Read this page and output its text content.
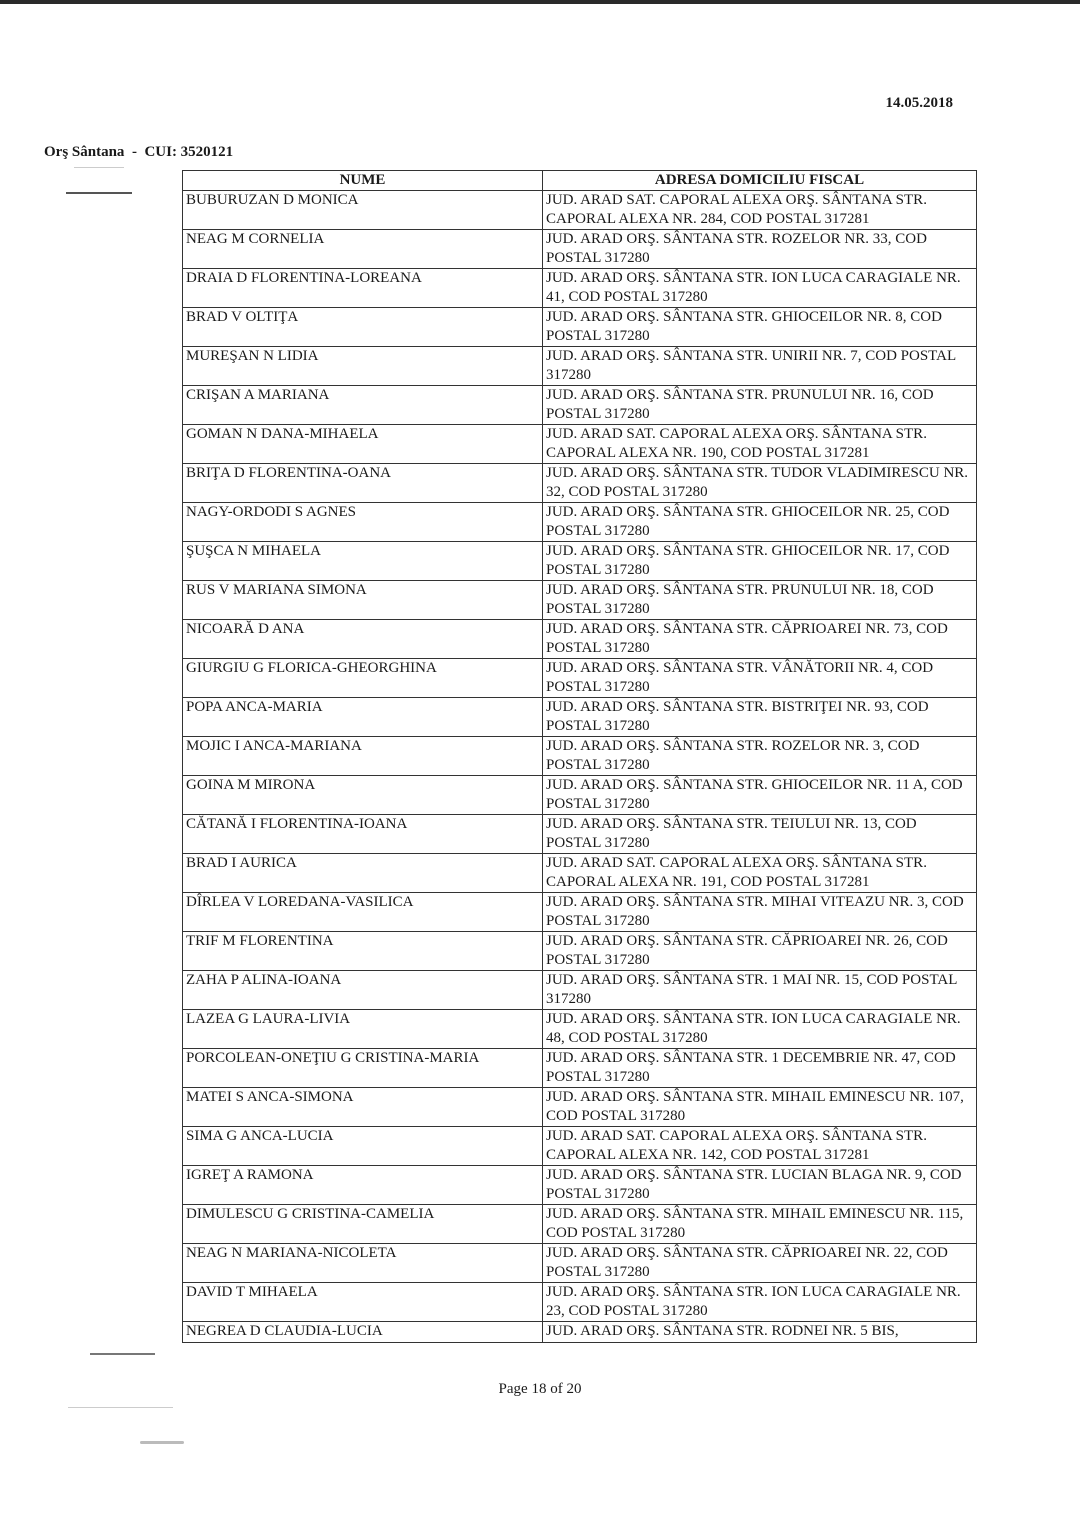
14.05.2018
Orş Sântana - CUI: 3520121
NUME	ADRESA DOMICILIU FISCAL
BUBURUZAN D MONICA	JUD. ARAD SAT. CAPORAL ALEXA ORŞ. SÂNTANA STR. CAPORAL ALEXA NR. 284, COD POSTAL 317281
NEAG M CORNELIA	JUD. ARAD ORŞ. SÂNTANA STR. ROZELOR NR. 33, COD POSTAL 317280
DRAIA D FLORENTINA-LOREANA	JUD. ARAD ORŞ. SÂNTANA STR. ION LUCA CARAGIALE NR. 41, COD POSTAL 317280
BRAD V OLTIŢA	JUD. ARAD ORŞ. SÂNTANA STR. GHIOCEILOR NR. 8, COD POSTAL 317280
MUREŞAN N LIDIA	JUD. ARAD ORŞ. SÂNTANA STR. UNIRII NR. 7, COD POSTAL 317280
CRIŞAN A MARIANA	JUD. ARAD ORŞ. SÂNTANA STR. PRUNULUI NR. 16, COD POSTAL 317280
GOMAN N DANA-MIHAELA	JUD. ARAD SAT. CAPORAL ALEXA ORŞ. SÂNTANA STR. CAPORAL ALEXA NR. 190, COD POSTAL 317281
BRIŢA D FLORENTINA-OANA	JUD. ARAD ORŞ. SÂNTANA STR. TUDOR VLADIMIRESCU NR. 32, COD POSTAL 317280
NAGY-ORDODI S AGNES	JUD. ARAD ORŞ. SÂNTANA STR. GHIOCEILOR NR. 25, COD POSTAL 317280
ŞUŞCA N MIHAELA	JUD. ARAD ORŞ. SÂNTANA STR. GHIOCEILOR NR. 17, COD POSTAL 317280
RUS V MARIANA SIMONA	JUD. ARAD ORŞ. SÂNTANA STR. PRUNULUI NR. 18, COD POSTAL 317280
NICOARĂ D ANA	JUD. ARAD ORŞ. SÂNTANA STR. CĂPRIOAREI NR. 73, COD POSTAL 317280
GIURGIU G FLORICA-GHEORGHINA	JUD. ARAD ORŞ. SÂNTANA STR. VÂNĂTORII NR. 4, COD POSTAL 317280
POPA ANCA-MARIA	JUD. ARAD ORŞ. SÂNTANA STR. BISTRIŢEI NR. 93, COD POSTAL 317280
MOJIC I ANCA-MARIANA	JUD. ARAD ORŞ. SÂNTANA STR. ROZELOR NR. 3, COD POSTAL 317280
GOINA M MIRONA	JUD. ARAD ORŞ. SÂNTANA STR. GHIOCEILOR NR. 11 A, COD POSTAL 317280
CĂTANĂ I FLORENTINA-IOANA	JUD. ARAD ORŞ. SÂNTANA STR. TEIULUI NR. 13, COD POSTAL 317280
BRAD I AURICA	JUD. ARAD SAT. CAPORAL ALEXA ORŞ. SÂNTANA STR. CAPORAL ALEXA NR. 191, COD POSTAL 317281
DÎRLEA V LOREDANA-VASILICA	JUD. ARAD ORŞ. SÂNTANA STR. MIHAI VITEAZU NR. 3, COD POSTAL 317280
TRIF M FLORENTINA	JUD. ARAD ORŞ. SÂNTANA STR. CĂPRIOAREI NR. 26, COD POSTAL 317280
ZAHA P ALINA-IOANA	JUD. ARAD ORŞ. SÂNTANA STR. 1 MAI NR. 15, COD POSTAL 317280
LAZEA G LAURA-LIVIA	JUD. ARAD ORŞ. SÂNTANA STR. ION LUCA CARAGIALE NR. 48, COD POSTAL 317280
PORCOLEAN-ONEŢIU G CRISTINA-MARIA	JUD. ARAD ORŞ. SÂNTANA STR. 1 DECEMBRIE NR. 47, COD POSTAL 317280
MATEI S ANCA-SIMONA	JUD. ARAD ORŞ. SÂNTANA STR. MIHAIL EMINESCU NR. 107, COD POSTAL 317280
SIMA G ANCA-LUCIA	JUD. ARAD SAT. CAPORAL ALEXA ORŞ. SÂNTANA STR. CAPORAL ALEXA NR. 142, COD POSTAL 317281
IGREŢ A RAMONA	JUD. ARAD ORŞ. SÂNTANA STR. LUCIAN BLAGA NR. 9, COD POSTAL 317280
DIMULESCU G CRISTINA-CAMELIA	JUD. ARAD ORŞ. SÂNTANA STR. MIHAIL EMINESCU NR. 115, COD POSTAL 317280
NEAG N MARIANA-NICOLETA	JUD. ARAD ORŞ. SÂNTANA STR. CĂPRIOAREI NR. 22, COD POSTAL 317280
DAVID T MIHAELA	JUD. ARAD ORŞ. SÂNTANA STR. ION LUCA CARAGIALE NR. 23, COD POSTAL 317280
NEGREA D CLAUDIA-LUCIA	JUD. ARAD ORŞ. SÂNTANA STR. RODNEI NR. 5 BIS,
Page 18 of 20
